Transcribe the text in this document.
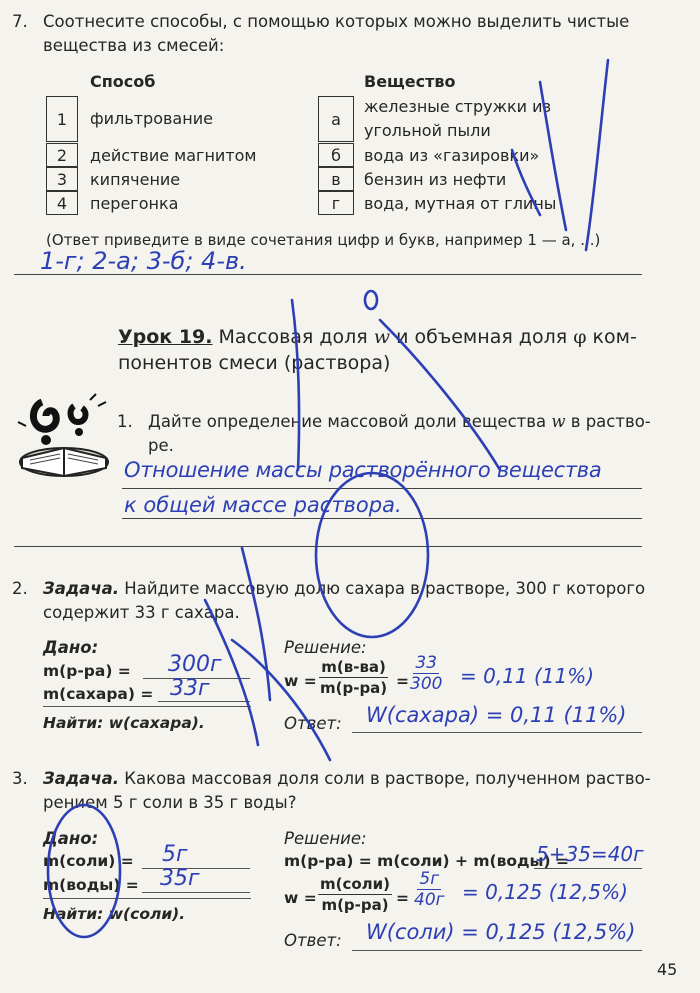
7. Соотнесите способы, с помощью которых можно выделить чистые
вещества из смесей:
Способ	Вещество
1
2
3
4
фильтрование
действие магнитом
кипячение
перегонка
а
б
в
г
железные стружки из
угольной пыли
вода из «газировки»
бензин из нефти
вода, мутная от глины
(Ответ приведите в виде сочетания цифр и букв, например 1 — а, ...)
1-г; 2-а; 3-б; 4-в.
Урок 19. Массовая доля w и объемная доля φ ком-
понентов смеси (раствора)
1. Дайте определение массовой доли вещества w в раство-
ре.
Отношение массы растворённого вещества
к общей массе раствора.
2. Задача. Найдите массовую долю сахара в растворе, 300 г которого
содержит 33 г сахара.
Дано:
m(р-ра) = 300г
m(сахара) = 33г
Найти: w(сахара).
Решение:
w =
m(в-ва)
$m(р-ра) = \frac{33}{300} = 0,11$ (11%)
Ответ: W(сахара) = 0,11 (11%)
3. Задача. Какова массовая доля соли в растворе, полученном раство-
рением 5 г соли в 35 г воды?
Дано:
m(соли) = 5г
m(воды) = 35г
Найти: w(соли).
Решение:
m(р-ра) = m(соли) + m(воды) =
5+35=40г
w =
m(соли)
m(р-ра) =
5г
40г = 0,125 (12,5%)
Ответ: W(соли) = 0,125 (12,5%)
45
